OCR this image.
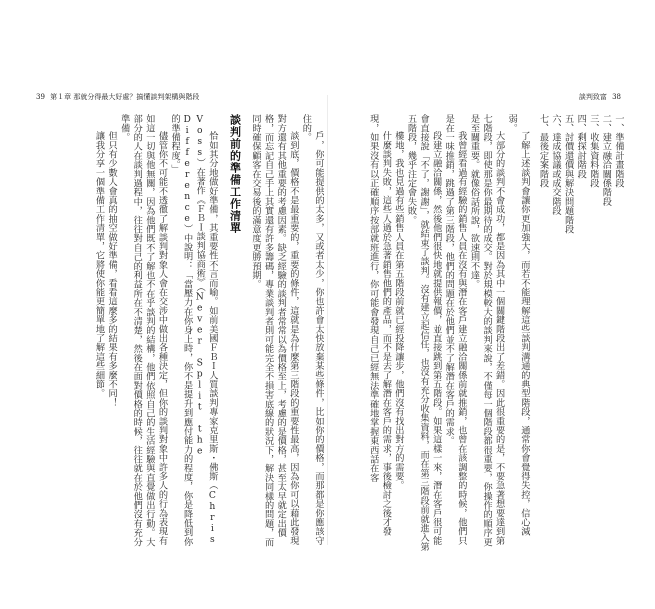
39 第１章 那就分得最大好處？搞懂談判架構與階段

戶，你可能提供的太多，又或者太少，你也許會太快放棄某些條件，比如你的價格，而那都是你應該守住的。

談到底，價格不是最重要的，重要的條件，這就是為什麼第三階段的重要性最高，因為你可以藉此發現對方還有其他重要的考慮因素。缺乏經驗的談判者常常以為價格至上，考慮的是價格，甚至太早就定出價格，而忘記自己手上其實還有許多籌碼，專業談判者則可能完全不損害底線的狀況下，解決同樣的問題，而同時確保顧客在交易後的滿意度更勝預期。

談判前的準備工作清單

恰如其分地做好準備，其重要性不言而喻。如前美國ＦＢＩ人質談判專家克里斯・佛斯（Chris Voss）在著作《ＦＢＩ談判協商術》（Never Split the Difference）中說明：「當壓力在你身上時，你不是提升到應付能力的程度，你是降低到你的準備程度。」

儘管你不可能不透徹了解談判對象人會在交涉中做出各種決定，但你的談判對象中許多人的行為表現有如這一切與他無關，因為他們既不了解也不在乎談判的結構，他們依照自己的生活經驗與直覺做出行動。大部分的人在談判過程中，往往對自己的利益所在不清楚，然後在面對價格的時候，往往就在於他們沒有充分準備。

但只有少數人會真的抽空做好準備，看看這麼多的結果有多麼不同！

讓我分享一個準備工作清單，它將使你能更簡單地了解這些細節。

談判致富 38
一、準備計畫階段
二、建立融洽關係階段
三、收集資料階段
四、剩探討階段
五、討價還價與解決問題階段
六、達成協議或成交階段
七、最後定案階段

了解上述談判會讓你更加強大，而若不能理解這些談判溝通的典型階段，通常你會覺得失控，信心減弱。

大部分的談判不會成功，都是因為其中一個關鍵階段出了差錯。因此很重要的是，不要急著想要達到第七階段，即使那是你最期待的成交。對於規模較大的談判來說，不僅每一個階段都很重要，你操作的順序更是至關重要。就像俗話所說，欲速則不達。

我曾經看過有經驗的銷售人員在沒有與潛在客戶建立融洽關係前就推銷，也曾在該調整的時候，他們只是在一味推銷，跳過了第三階段，他們的問題在於他們並不了解潛在客戶的需求。

段建立融洽關係，然後他們很快地就提供報價，並直接跳到第五階段。如果這樣一來，潛在客戶很可能會直接說「不了，謝謝」，就結束了談判。沒有建立起信任，也沒有充分收集資料，而在第三階段前就進入第五階段，幾乎注定會失敗。

樓地，我也見過有些銷售人員在第五階段前就已經投降讓步，他們沒有找出對方的需要。

什麼談判失敗，這些人過於急著銷售他們的產品，而不是去了解潛在客戶的需求，事後檢討之後才發現，如果沒有以正確順序按部就班進行，你可能會發現自己已經無法準確地掌握東西話在客
